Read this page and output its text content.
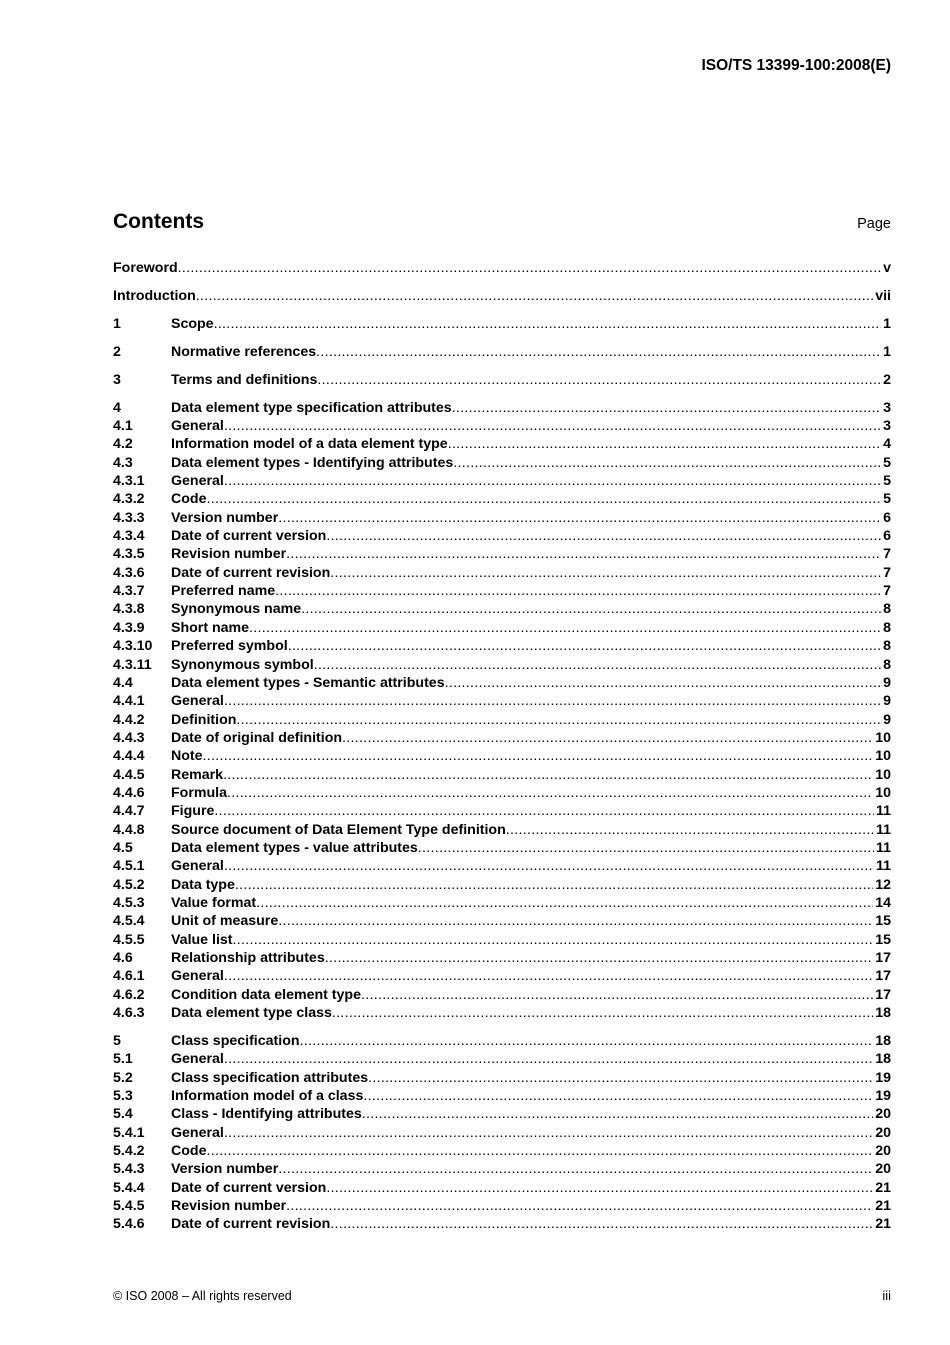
ISO/TS 13399-100:2008(E)
Contents	Page
Foreword .....	v
Introduction .....	vii
1	Scope .....	1
2	Normative references .....	1
3	Terms and definitions .....	2
4	Data element type specification attributes .....	3
4.1	General .....	3
4.2	Information model of a data element type .....	4
4.3	Data element types - Identifying attributes .....	5
4.3.1	General .....	5
4.3.2	Code .....	5
4.3.3	Version number .....	6
4.3.4	Date of current version .....	6
4.3.5	Revision number .....	7
4.3.6	Date of current revision .....	7
4.3.7	Preferred name .....	7
4.3.8	Synonymous name .....	8
4.3.9	Short name .....	8
4.3.10	Preferred symbol .....	8
4.3.11	Synonymous symbol .....	8
4.4	Data element types - Semantic attributes .....	9
4.4.1	General .....	9
4.4.2	Definition .....	9
4.4.3	Date of original definition .....	10
4.4.4	Note .....	10
4.4.5	Remark .....	10
4.4.6	Formula .....	10
4.4.7	Figure .....	11
4.4.8	Source document of Data Element Type definition .....	11
4.5	Data element types - value attributes .....	11
4.5.1	General .....	11
4.5.2	Data type .....	12
4.5.3	Value format .....	14
4.5.4	Unit of measure .....	15
4.5.5	Value list .....	15
4.6	Relationship attributes .....	17
4.6.1	General .....	17
4.6.2	Condition data element type .....	17
4.6.3	Data element type class .....	18
5	Class specification .....	18
5.1	General .....	18
5.2	Class specification attributes .....	19
5.3	Information model of a class .....	19
5.4	Class - Identifying attributes .....	20
5.4.1	General .....	20
5.4.2	Code .....	20
5.4.3	Version number .....	20
5.4.4	Date of current version .....	21
5.4.5	Revision number .....	21
5.4.6	Date of current revision .....	21
© ISO 2008 – All rights reserved	iii
